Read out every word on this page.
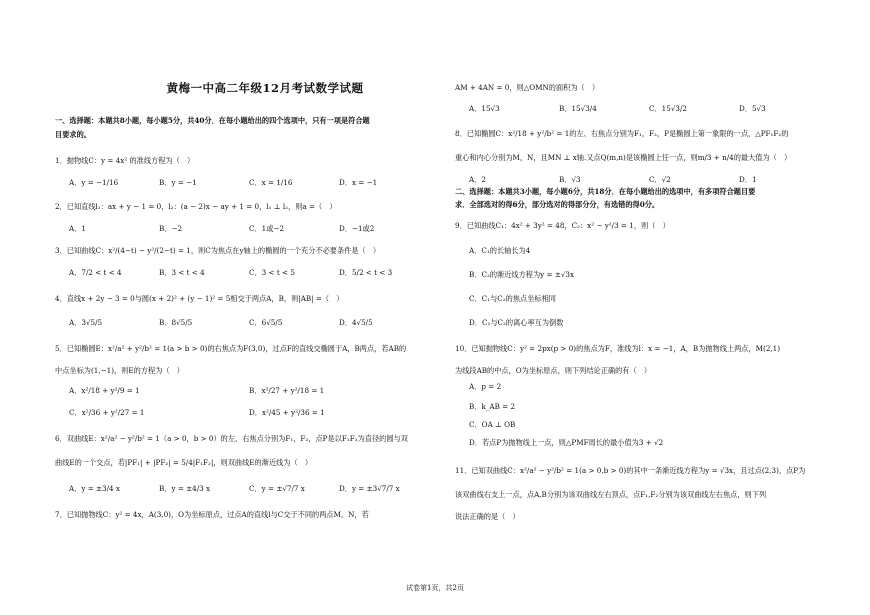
黄梅一中高二年级12月考试数学试题
一、选择题：本题共8小题，每小题5分，共40分．在每小题给出的四个选项中，只有一项是符合题
目要求的。
1．抛物线C：y = 4x² 的准线方程为（　）
A．y = −1/16	B．y = −1	C．x = 1/16	D．x = −1
2．已知直线l₁：ax + y − 1 = 0，l₂：(a − 2)x − ay + 1 = 0，l₁ ⊥ l₂，则a =（　）
A．1	B．−2	C．1或−2	D．−1或2
3．已知曲线C：x²/(4−t) − y²/(2−t) = 1，则C为焦点在y轴上的椭圆的一个充分不必要条件是（　）
A．7/2 < t < 4	B．3 < t < 4	C．3 < t < 5	D．5/2 < t < 3
4．直线x + 2y − 3 = 0与圆(x + 2)² + (y − 1)² = 5相交于两点A，B，则|AB| =（　）
A．3√5/5	B．8√5/5	C．6√5/5	D．4√5/5
5．已知椭圆E：x²/a² + y²/b² = 1(a > b > 0)的右焦点为F(3,0)，过点F的直线交椭圆于A，B两点，若AB的
中点坐标为(1,−1)，则E的方程为（　）
A．x²/18 + y²/9 = 1	B．x²/27 + y²/18 = 1
C．x²/36 + y²/27 = 1	D．x²/45 + y²/36 = 1
6．双曲线E：x²/a² − y²/b² = 1（a > 0，b > 0）的左、右焦点分别为F₁，F₂，点P是以F₁F₂为直径的圆与双
曲线E的一个交点，若|PF₁| + |PF₂| = 5/4|F₁F₂|，则双曲线E的渐近线为（　）
A．y = ±3/4 x	B．y = ±4/3 x	C．y = ±√7/7 x	D．y = ±3√7/7 x
7．已知抛物线C：y² = 4x，A(3,0)，O为坐标原点，过点A的直线l与C交于不同的两点M，N，若
AM + 4AN = 0，则△OMN的面积为（　）
A．15√3	B．15√3/4	C．15√3/2	D．5√3
8．已知椭圆C：x²/18 + y²/b² = 1的左、右焦点分别为F₁，F₂，P是椭圆上第一象限的一点，△PF₁F₂的
重心和内心分别为M，N，且MN ⊥ x轴.又点Q(m,n)是该椭圆上任一点，则m/3 + n/4的最大值为（　）
A．2	B．√3	C．√2	D．1
二、选择题：本题共3小题，每小题6分，共18分．在每小题给出的选项中，有多项符合题目要
求．全部选对的得6分，部分选对的得部分分，有选错的得0分。
9．已知曲线C₁：4x² + 3y² = 48，C₂：x² − y²/3 = 1，则（　）
A．C₁的长轴长为4
B．C₂的渐近线方程为y = ±√3x
C．C₁与C₂的焦点坐标相同
D．C₁与C₂的离心率互为倒数
10．已知抛物线C：y² = 2px(p > 0)的焦点为F，准线为l：x = −1，A，B为抛物线上两点，M(2,1)
为线段AB的中点，O为坐标原点，则下列结论正确的有（　）
A．p = 2
B．k_AB = 2
C．OA ⊥ OB
D．若点P为抛物线上一点，则△PMF周长的最小值为3 + √2
11．已知双曲线C：x²/a² − y²/b² = 1(a > 0,b > 0)的其中一条渐近线方程为y = √3x，且过点(2,3)，点P为
该双曲线右支上一点，点A,B分别为该双曲线左右顶点，点F₁,F₂分别为该双曲线左右焦点，则下列
说法正确的是（　）
试卷第1页，共2页
